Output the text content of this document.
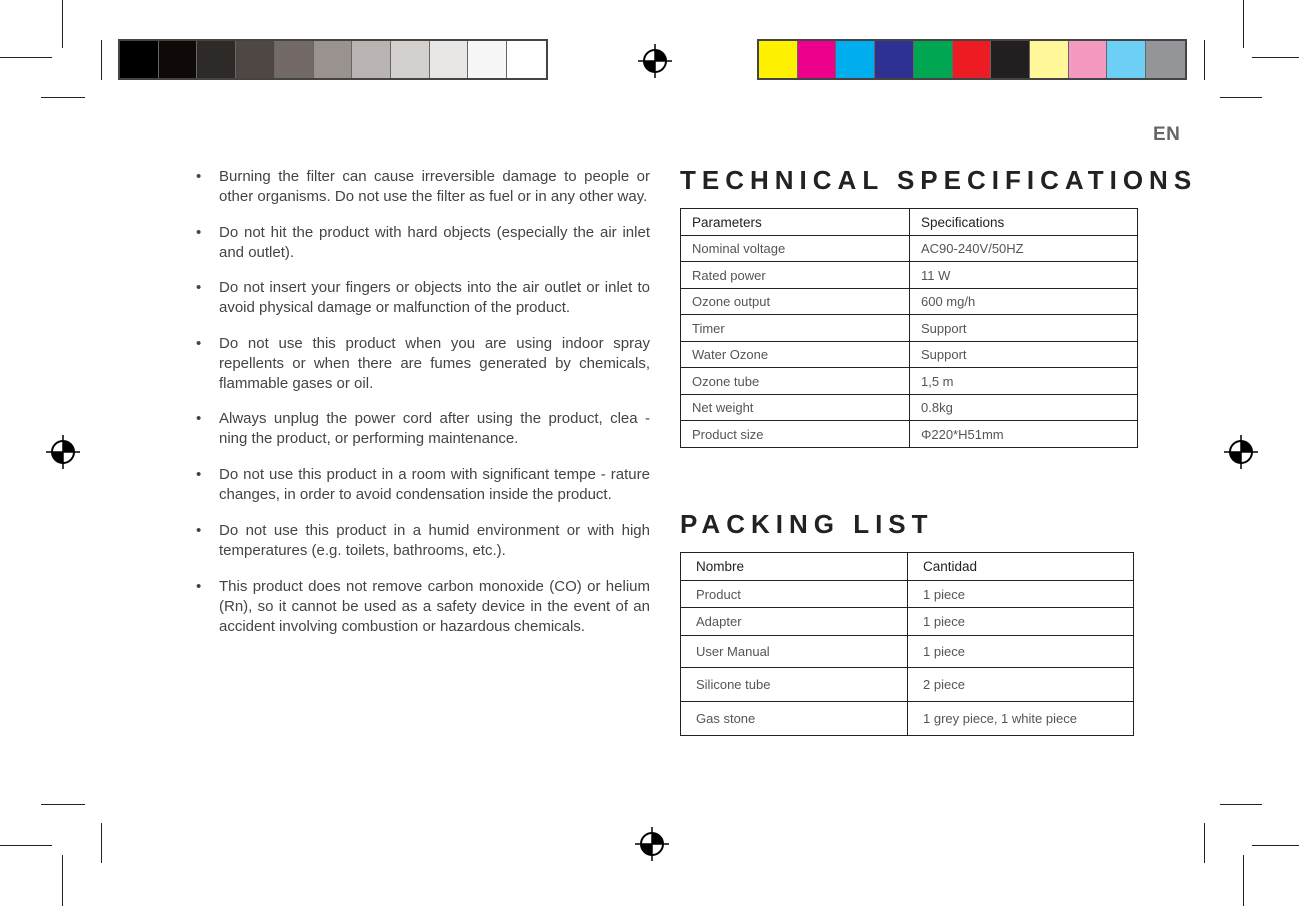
EN
• Burning the filter can cause irreversible damage to people or other organisms. Do not use the filter as fuel or in any other way.
• Do not hit the product with hard objects (especially the air inlet and outlet).
• Do not insert your fingers or objects into the air outlet or inlet to avoid physical damage or malfunction of the product.
• Do not use this product when you are using indoor spray repellents or when there are fumes generated by chemicals, flammable gases or oil.
• Always unplug the power cord after using the product, clea - ning the product, or performing maintenance.
• Do not use this product in a room with significant tempe - rature changes, in order to avoid condensation inside the product.
• Do not use this product in a humid environment or with high temperatures (e.g. toilets, bathrooms, etc.).
• This product does not remove carbon monoxide (CO) or helium (Rn), so it cannot be used as a safety device in the event of an accident involving combustion or hazardous chemicals.
TECHNICAL SPECIFICATIONS
Parameters	Specifications
Nominal voltage	AC90-240V/50HZ
Rated power	11 W
Ozone output	600 mg/h
Timer	Support
Water Ozone	Support
Ozone tube	1,5 m
Net weight	0.8kg
Product size	Φ220*H51mm
PACKING LIST
Nombre	Cantidad
Product	1 piece
Adapter	1 piece
User Manual	1 piece
Silicone tube	2 piece
Gas stone	1 grey piece, 1 white piece
